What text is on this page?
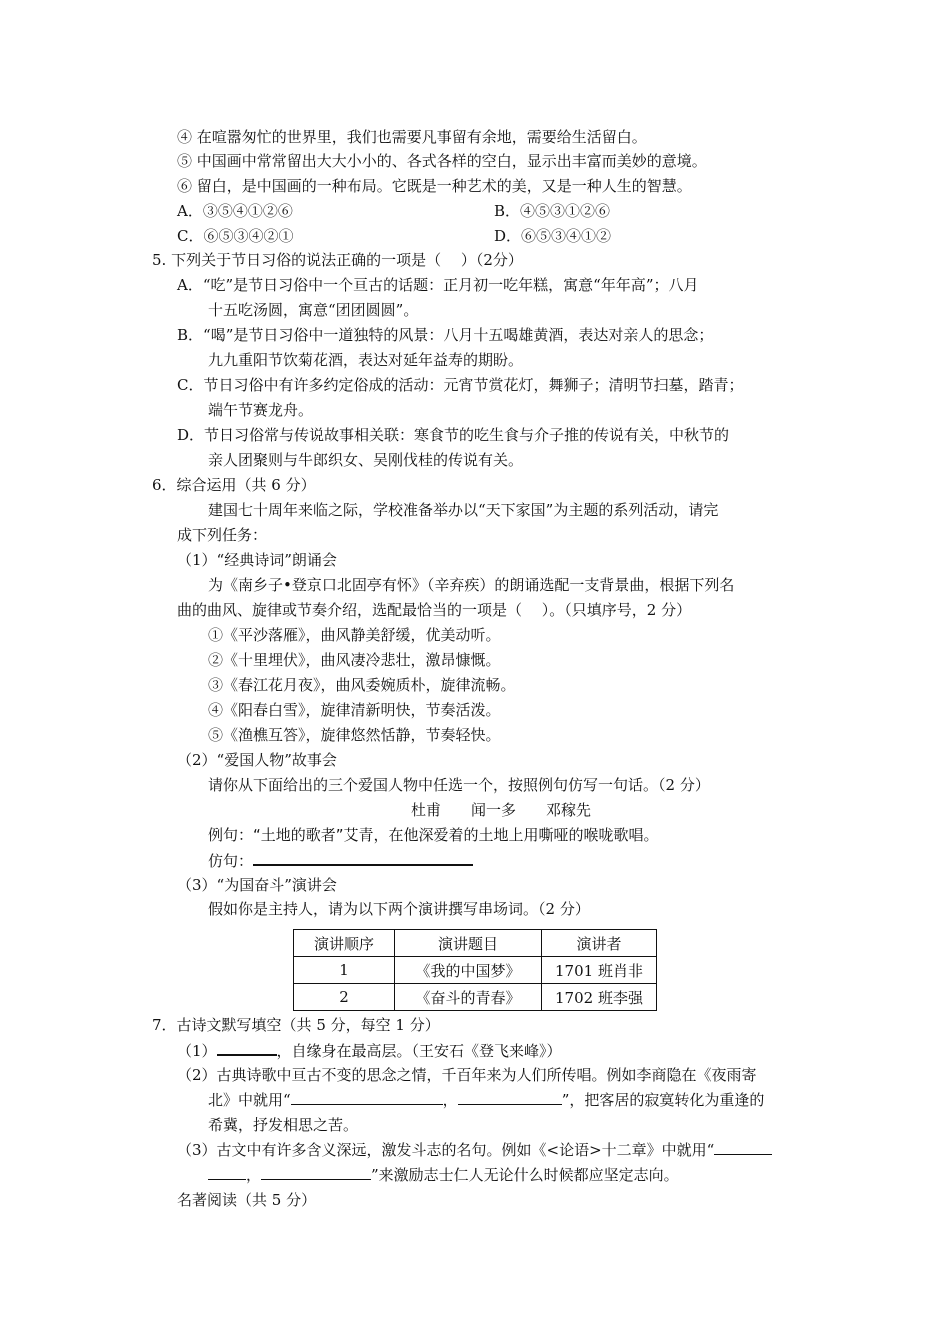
④ 在喧嚣匆忙的世界里，我们也需要凡事留有余地，需要给生活留白。
⑤ 中国画中常常留出大大小小的、各式各样的空白，显示出丰富而美妙的意境。
⑥ 留白，是中国画的一种布局。它既是一种艺术的美，又是一种人生的智慧。
A．③⑤④①②⑥	B．④⑤③①②⑥
C．⑥⑤③④②①	D．⑥⑤③④①②
5. 下列关于节日习俗的说法正确的一项是（　 ）（2分）
A．“吃”是节日习俗中一个亘古的话题：正月初一吃年糕，寓意“年年高”；八月
十五吃汤圆，寓意“团团圆圆”。
B．“喝”是节日习俗中一道独特的风景：八月十五喝雄黄酒，表达对亲人的思念；
九九重阳节饮菊花酒，表达对延年益寿的期盼。
C．节日习俗中有许多约定俗成的活动：元宵节赏花灯，舞狮子；清明节扫墓，踏青；
端午节赛龙舟。
D．节日习俗常与传说故事相关联：寒食节的吃生食与介子推的传说有关，中秋节的
亲人团聚则与牛郎织女、吴刚伐桂的传说有关。
6．综合运用（共 6 分）
建国七十周年来临之际，学校准备举办以“天下家国”为主题的系列活动，请完
成下列任务：
（1）“经典诗词”朗诵会
为《南乡子•登京口北固亭有怀》（辛弃疾）的朗诵选配一支背景曲，根据下列名
曲的曲风、旋律或节奏介绍，选配最恰当的一项是（　 ）。（只填序号，2 分）
①《平沙落雁》，曲风静美舒缓，优美动听。
②《十里埋伏》，曲风凄冷悲壮，激昂慷慨。
③《春江花月夜》，曲风委婉质朴，旋律流畅。
④《阳春白雪》，旋律清新明快，节奏活泼。
⑤《渔樵互答》，旋律悠然恬静，节奏轻快。
（2）“爱国人物”故事会
请你从下面给出的三个爱国人物中任选一个，按照例句仿写一句话。（2 分）
杜甫　　闻一多　　邓稼先
例句：“土地的歌者”艾青，在他深爱着的土地上用嘶哑的喉咙歌唱。
仿句：
（3）“为国奋斗”演讲会
假如你是主持人，请为以下两个演讲撰写串场词。（2 分）
演讲顺序	演讲题目	演讲者
1	《我的中国梦》	1701 班肖非
2	《奋斗的青春》	1702 班李强
7．古诗文默写填空（共 5 分，每空 1 分）
（1）	，自缘身在最高层。（王安石《登飞来峰》）
（2）古典诗歌中亘古不变的思念之情，千百年来为人们所传唱。例如李商隐在《夜雨寄
北》中就用“	，	”，把客居的寂寞转化为重逢的
希冀，抒发相思之苦。
（3）古文中有许多含义深远，激发斗志的名句。例如《<论语>十二章》中就用“
，	”来激励志士仁人无论什么时候都应坚定志向。
名著阅读（共 5 分）
